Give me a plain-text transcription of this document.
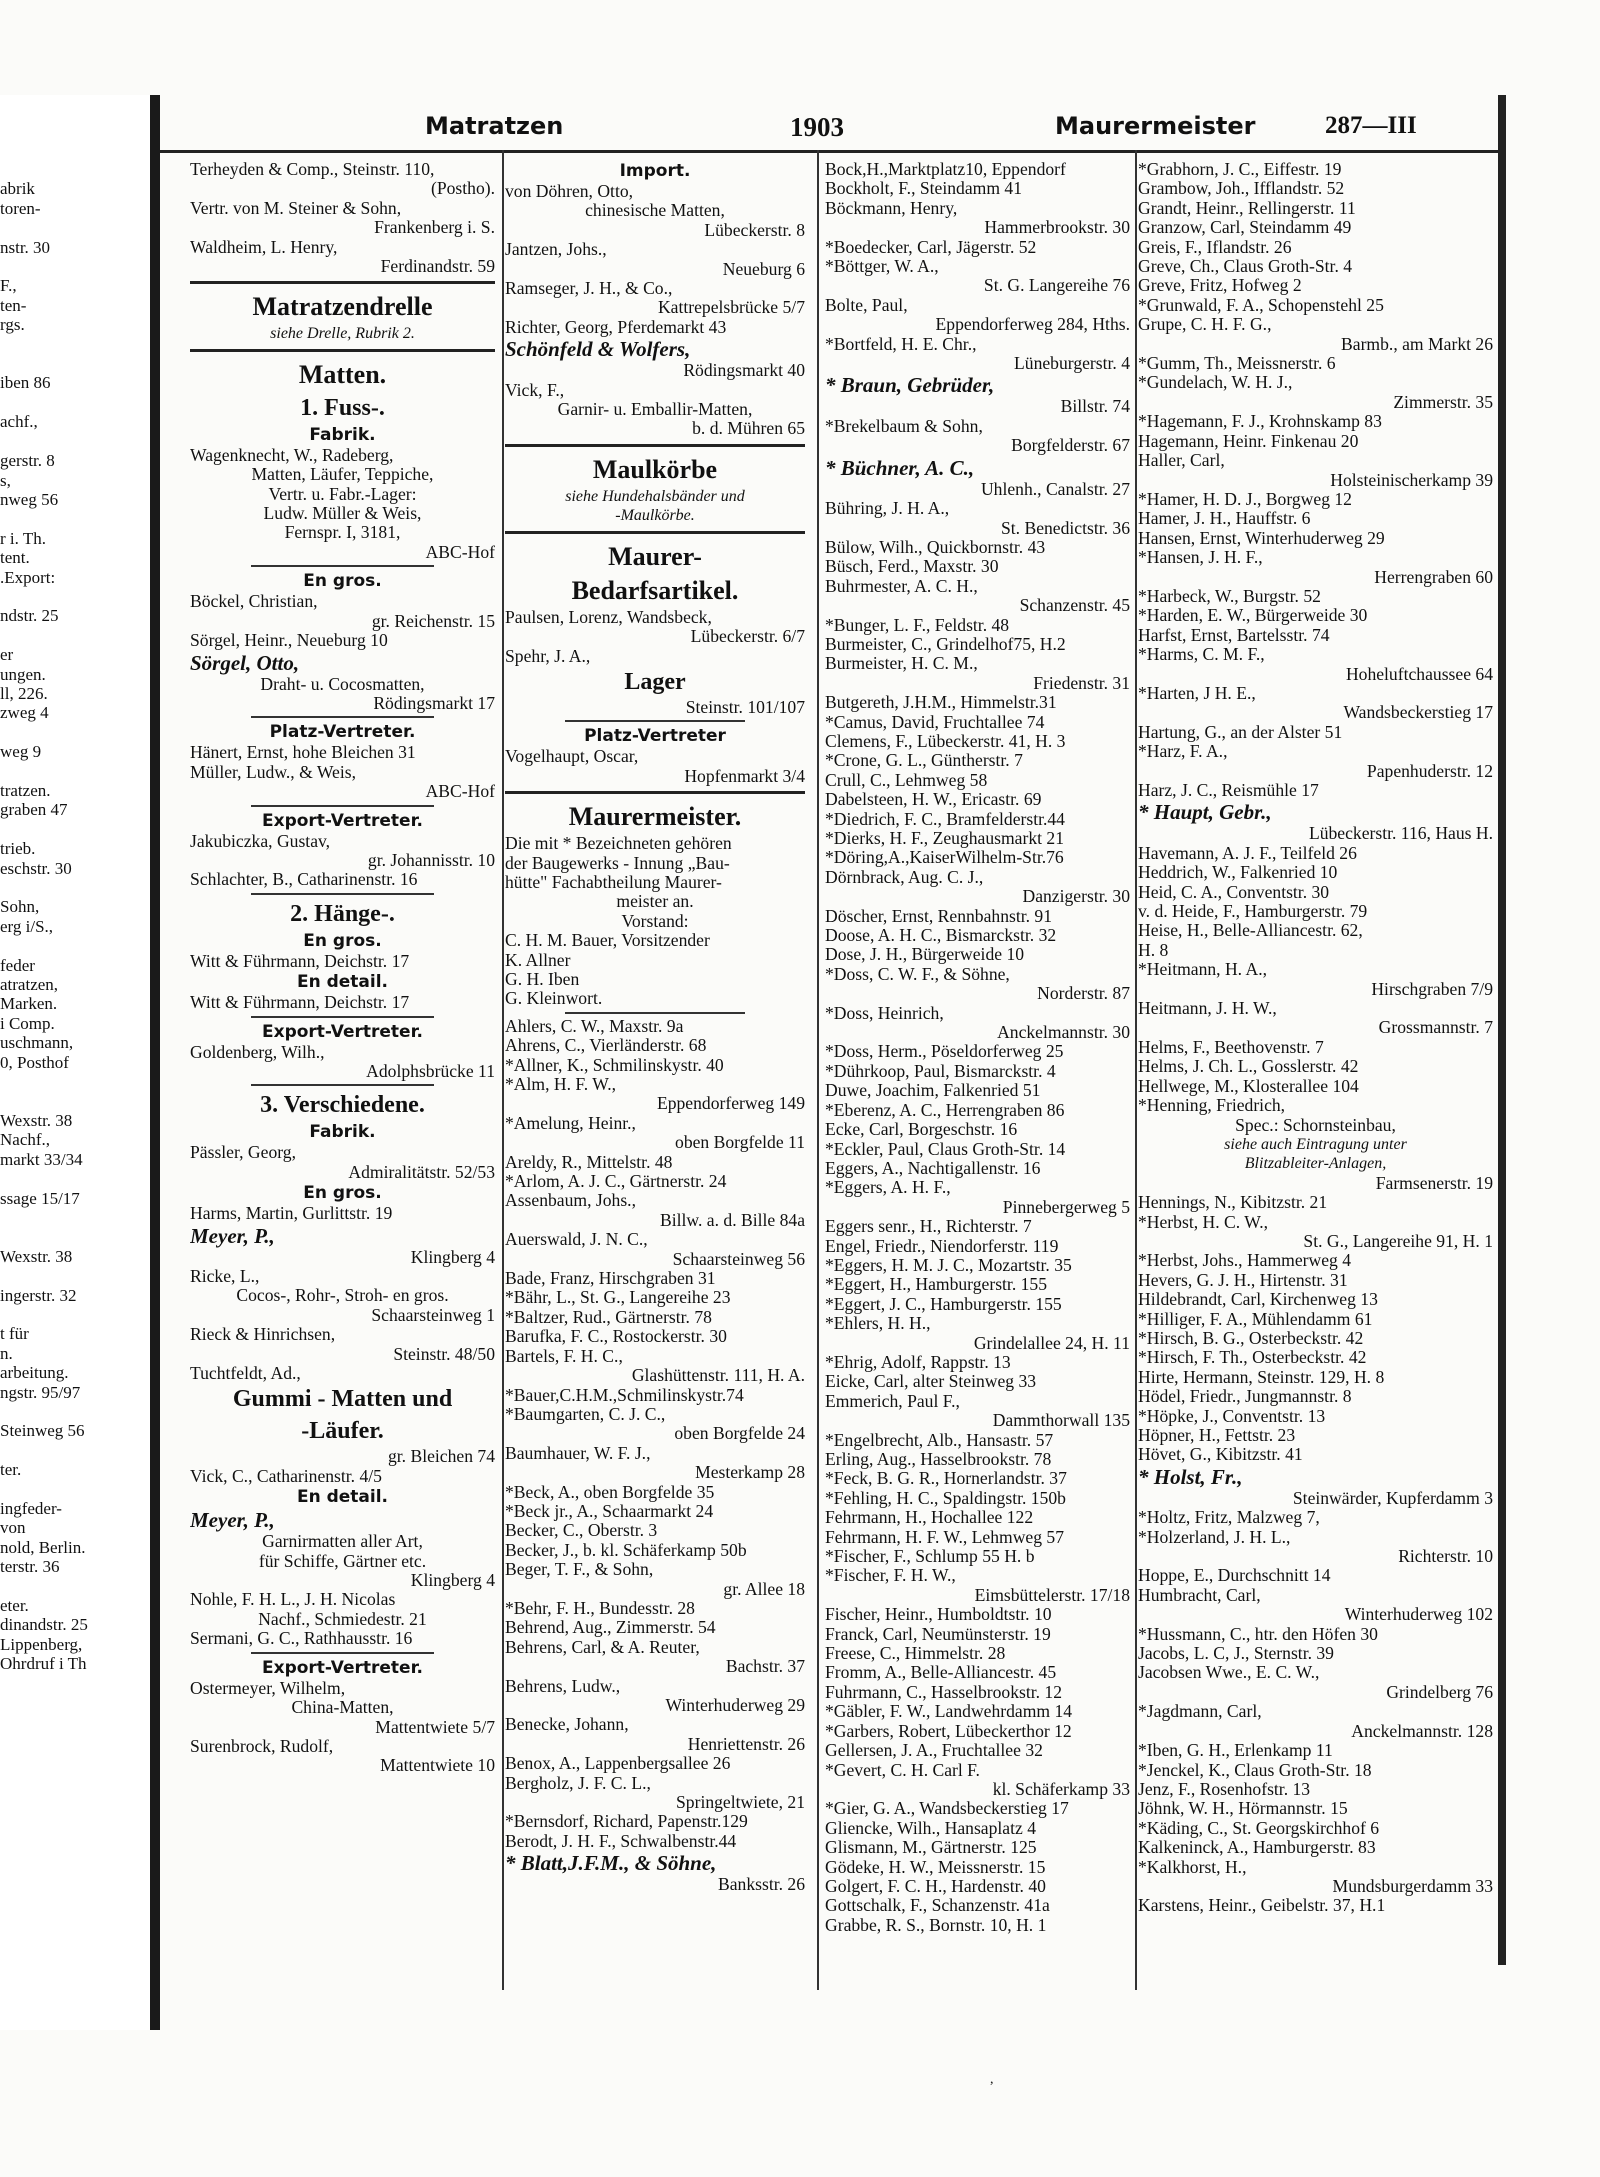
Matratzen	1903	Maurermeister	287—III

abrik
toren-

nstr. 30

F.,
ten-
rgs.

iben 86

achf.,

gerstr. 8
s,
nweg 56

r i. Th.
tent.
.Export:

ndstr. 25

er
ungen.
ll, 226.
zweg 4

weg 9

tratzen.
graben 47

trieb.
eschstr. 30

Sohn,
erg i/S.,

feder
atratzen,
Marken.
i Comp.
uschmann,
0, Posthof

Wexstr. 38
Nachf.,
markt 33/34

ssage 15/17

Wexstr. 38

ingerstr. 32

t für
n.
arbeitung.
ngstr. 95/97

Steinweg 56

ter.

ingfeder-
von
nold, Berlin.
terstr. 36

eter.
dinandstr. 25
Lippenberg,
Ohrdruf i Th
Terheyden & Comp., Steinstr. 110,
(Postho).
Vertr. von M. Steiner & Sohn,
Frankenberg i. S.
Waldheim, L. Henry,
Ferdinandstr. 59
Matratzendrelle
siehe Drelle, Rubrik 2.
Matten.
1. Fuss-.
Fabrik.
Wagenknecht, W., Radeberg,
Matten, Läufer, Teppiche,
Vertr. u. Fabr.-Lager:
Ludw. Müller & Weis,
Fernspr. I, 3181,
ABC-Hof
En gros.
Böckel, Christian,
gr. Reichenstr. 15
Sörgel, Heinr., Neueburg 10
Sörgel, Otto,
Draht- u. Cocosmatten,
Rödingsmarkt 17
Platz-Vertreter.
Hänert, Ernst, hohe Bleichen 31
Müller, Ludw., & Weis,
ABC-Hof
Export-Vertreter.
Jakubiczka, Gustav,
gr. Johannisstr. 10
Schlachter, B., Catharinenstr. 16
2. Hänge-.
En gros.
Witt & Führmann, Deichstr. 17
En detail.
Witt & Führmann, Deichstr. 17
Export-Vertreter.
Goldenberg, Wilh.,
Adolphsbrücke 11
3. Verschiedene.
Fabrik.
Pässler, Georg,
Admiralitätstr. 52/53
En gros.
Harms, Martin, Gurlittstr. 19
Meyer, P.,
Klingberg 4
Ricke, L.,
Cocos-, Rohr-, Stroh- en gros.
Schaarsteinweg 1
Rieck & Hinrichsen,
Steinstr. 48/50
Tuchtfeldt, Ad.,
Gummi - Matten und
-Läufer.
gr. Bleichen 74
Vick, C., Catharinenstr. 4/5
En detail.
Meyer, P.,
Garnirmatten aller Art,
für Schiffe, Gärtner etc.
Klingberg 4
Nohle, F. H. L., J. H. Nicolas
Nachf., Schmiedestr. 21
Sermani, G. C., Rathhausstr. 16
Export-Vertreter.
Ostermeyer, Wilhelm,
China-Matten,
Mattentwiete 5/7
Surenbrock, Rudolf,
Mattentwiete 10
Import.
von Döhren, Otto,
chinesische Matten,
Lübeckerstr. 8
Jantzen, Johs.,
Neueburg 6
Ramseger, J. H., & Co.,
Kattrepelsbrücke 5/7
Richter, Georg, Pferdemarkt 43
Schönfeld & Wolfers,
Rödingsmarkt 40
Vick, F.,
Garnir- u. Emballir-Matten,
b. d. Mühren 65
Maulkörbe
siehe Hundehalsbänder und
-Maulkörbe.
Maurer-
Bedarfsartikel.
Paulsen, Lorenz, Wandsbeck,
Lübeckerstr. 6/7
Spehr, J. A.,
Lager
Steinstr. 101/107
Platz-Vertreter
Vogelhaupt, Oscar,
Hopfenmarkt 3/4
Maurermeister.
Die mit * Bezeichneten gehören
der Baugewerks - Innung „Bau-
hütte" Fachabtheilung Maurer-
meister an.
Vorstand:
C. H. M. Bauer, Vorsitzender
K. Allner
G. H. Iben
G. Kleinwort.
Ahlers, C. W., Maxstr. 9a
Ahrens, C., Vierländerstr. 68
*Allner, K., Schmilinskystr. 40
*Alm, H. F. W.,
Eppendorferweg 149
*Amelung, Heinr.,
oben Borgfelde 11
Areldy, R., Mittelstr. 48
*Arlom, A. J. C., Gärtnerstr. 24
Assenbaum, Johs.,
Billw. a. d. Bille 84a
Auerswald, J. N. C.,
Schaarsteinweg 56
Bade, Franz, Hirschgraben 31
*Bähr, L., St. G., Langereihe 23
*Baltzer, Rud., Gärtnerstr. 78
Barufka, F. C., Rostockerstr. 30
Bartels, F. H. C.,
Glashüttenstr. 111, H. A.
*Bauer,C.H.M.,Schmilinskystr.74
*Baumgarten, C. J. C.,
oben Borgfelde 24
Baumhauer, W. F. J.,
Mesterkamp 28
*Beck, A., oben Borgfelde 35
*Beck jr., A., Schaarmarkt 24
Becker, C., Oberstr. 3
Becker, J., b. kl. Schäferkamp 50b
Beger, T. F., & Sohn,
gr. Allee 18
*Behr, F. H., Bundesstr. 28
Behrend, Aug., Zimmerstr. 54
Behrens, Carl, & A. Reuter,
Bachstr. 37
Behrens, Ludw.,
Winterhuderweg 29
Benecke, Johann,
Henriettenstr. 26
Benox, A., Lappenbergsallee 26
Bergholz, J. F. C. L.,
Springeltwiete, 21
*Bernsdorf, Richard, Papenstr.129
Berodt, J. H. F., Schwalbenstr.44
* Blatt,J.F.M., & Söhne,
Banksstr. 26
Bock,H.,Marktplatz10, Eppendorf
Bockholt, F., Steindamm 41
Böckmann, Henry,
Hammerbrookstr. 30
*Boedecker, Carl, Jägerstr. 52
*Böttger, W. A.,
St. G. Langereihe 76
Bolte, Paul,
Eppendorferweg 284, Hths.
*Bortfeld, H. E. Chr.,
Lüneburgerstr. 4
* Braun, Gebrüder,
Billstr. 74
*Brekelbaum & Sohn,
Borgfelderstr. 67
* Büchner, A. C.,
Uhlenh., Canalstr. 27
Bühring, J. H. A.,
St. Benedictstr. 36
Bülow, Wilh., Quickbornstr. 43
Büsch, Ferd., Maxstr. 30
Buhrmester, A. C. H.,
Schanzenstr. 45
*Bunger, L. F., Feldstr. 48
Burmeister, C., Grindelhof75, H.2
Burmeister, H. C. M.,
Friedenstr. 31
Butgereth, J.H.M., Himmelstr.31
*Camus, David, Fruchtallee 74
Clemens, F., Lübeckerstr. 41, H. 3
*Crone, G. L., Güntherstr. 7
Crull, C., Lehmweg 58
Dabelsteen, H. W., Ericastr. 69
*Diedrich, F. C., Bramfelderstr.44
*Dierks, H. F., Zeughausmarkt 21
*Döring,A.,KaiserWilhelm-Str.76
Dörnbrack, Aug. C. J.,
Danzigerstr. 30
Döscher, Ernst, Rennbahnstr. 91
Doose, A. H. C., Bismarckstr. 32
Dose, J. H., Bürgerweide 10
*Doss, C. W. F., & Söhne,
Norderstr. 87
*Doss, Heinrich,
Anckelmannstr. 30
*Doss, Herm., Pöseldorferweg 25
*Dührkoop, Paul, Bismarckstr. 4
Duwe, Joachim, Falkenried 51
*Eberenz, A. C., Herrengraben 86
Ecke, Carl, Borgeschstr. 16
*Eckler, Paul, Claus Groth-Str. 14
Eggers, A., Nachtigallenstr. 16
*Eggers, A. H. F.,
Pinnebergerweg 5
Eggers senr., H., Richterstr. 7
Engel, Friedr., Niendorferstr. 119
*Eggers, H. M. J. C., Mozartstr. 35
*Eggert, H., Hamburgerstr. 155
*Eggert, J. C., Hamburgerstr. 155
*Ehlers, H. H.,
Grindelallee 24, H. 11
*Ehrig, Adolf, Rappstr. 13
Eicke, Carl, alter Steinweg 33
Emmerich, Paul F.,
Dammthorwall 135
*Engelbrecht, Alb., Hansastr. 57
Erling, Aug., Hasselbrookstr. 78
*Feck, B. G. R., Hornerlandstr. 37
*Fehling, H. C., Spaldingstr. 150b
Fehrmann, H., Hochallee 122
Fehrmann, H. F. W., Lehmweg 57
*Fischer, F., Schlump 55 H. b
*Fischer, F. H. W.,
Eimsbüttelerstr. 17/18
Fischer, Heinr., Humboldtstr. 10
Franck, Carl, Neumünsterstr. 19
Freese, C., Himmelstr. 28
Fromm, A., Belle-Alliancestr. 45
Fuhrmann, C., Hasselbrookstr. 12
*Gäbler, F. W., Landwehrdamm 14
*Garbers, Robert, Lübeckerthor 12
Gellersen, J. A., Fruchtallee 32
*Gevert, C. H. Carl F.
kl. Schäferkamp 33
*Gier, G. A., Wandsbeckerstieg 17
Gliencke, Wilh., Hansaplatz 4
Glismann, M., Gärtnerstr. 125
Gödeke, H. W., Meissnerstr. 15
Golgert, F. C. H., Hardenstr. 40
Gottschalk, F., Schanzenstr. 41a
Grabbe, R. S., Bornstr. 10, H. 1
*Grabhorn, J. C., Eiffestr. 19
Grambow, Joh., Ifflandstr. 52
Grandt, Heinr., Rellingerstr. 11
Granzow, Carl, Steindamm 49
Greis, F., Iflandstr. 26
Greve, Ch., Claus Groth-Str. 4
Greve, Fritz, Hofweg 2
*Grunwald, F. A., Schopenstehl 25
Grupe, C. H. F. G.,
Barmb., am Markt 26
*Gumm, Th., Meissnerstr. 6
*Gundelach, W. H. J.,
Zimmerstr. 35
*Hagemann, F. J., Krohnskamp 83
Hagemann, Heinr. Finkenau 20
Haller, Carl,
Holsteinischerkamp 39
*Hamer, H. D. J., Borgweg 12
Hamer, J. H., Hauffstr. 6
Hansen, Ernst, Winterhuderweg 29
*Hansen, J. H. F.,
Herrengraben 60
*Harbeck, W., Burgstr. 52
*Harden, E. W., Bürgerweide 30
Harfst, Ernst, Bartelsstr. 74
*Harms, C. M. F.,
Hoheluftchaussee 64
*Harten, J H. E.,
Wandsbeckerstieg 17
Hartung, G., an der Alster 51
*Harz, F. A.,
Papenhuderstr. 12
Harz, J. C., Reismühle 17
* Haupt, Gebr.,
Lübeckerstr. 116, Haus H.
Havemann, A. J. F., Teilfeld 26
Heddrich, W., Falkenried 10
Heid, C. A., Conventstr. 30
v. d. Heide, F., Hamburgerstr. 79
Heise, H., Belle-Alliancestr. 62,
H. 8
*Heitmann, H. A.,
Hirschgraben 7/9
Heitmann, J. H. W.,
Grossmannstr. 7
Helms, F., Beethovenstr. 7
Helms, J. Ch. L., Gosslerstr. 42
Hellwege, M., Klosterallee 104
*Henning, Friedrich,
Spec.: Schornsteinbau,
siehe auch Eintragung unter
Blitzableiter-Anlagen,
Farmsenerstr. 19
Hennings, N., Kibitzstr. 21
*Herbst, H. C. W.,
St. G., Langereihe 91, H. 1
*Herbst, Johs., Hammerweg 4
Hevers, G. J. H., Hirtenstr. 31
Hildebrandt, Carl, Kirchenweg 13
*Hilliger, F. A., Mühlendamm 61
*Hirsch, B. G., Osterbeckstr. 42
*Hirsch, F. Th., Osterbeckstr. 42
Hirte, Hermann, Steinstr. 129, H. 8
Hödel, Friedr., Jungmannstr. 8
*Höpke, J., Conventstr. 13
Höpner, H., Fettstr. 23
Hövet, G., Kibitzstr. 41
* Holst, Fr.,
Steinwärder, Kupferdamm 3
*Holtz, Fritz, Malzweg 7,
*Holzerland, J. H. L.,
Richterstr. 10
Hoppe, E., Durchschnitt 14
Humbracht, Carl,
Winterhuderweg 102
*Hussmann, C., htr. den Höfen 30
Jacobs, L. C, J., Sternstr. 39
Jacobsen Wwe., E. C. W.,
Grindelberg 76
*Jagdmann, Carl,
Anckelmannstr. 128
*Iben, G. H., Erlenkamp 11
*Jenckel, K., Claus Groth-Str. 18
Jenz, F., Rosenhofstr. 13
Jöhnk, W. H., Hörmannstr. 15
*Käding, C., St. Georgskirchhof 6
Kalkeninck, A., Hamburgerstr. 83
*Kalkhorst, H.,
Mundsburgerdamm 33
Karstens, Heinr., Geibelstr. 37, H.1
,
